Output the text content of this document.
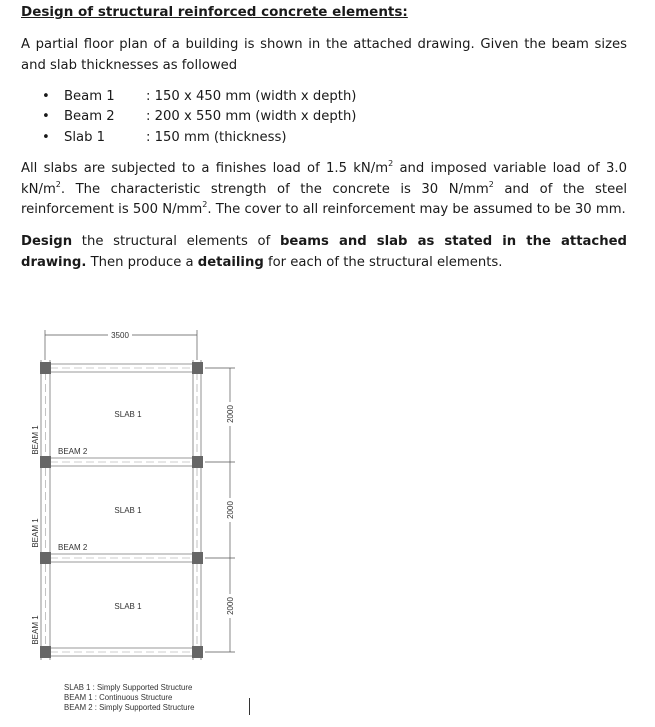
Design of structural reinforced concrete elements:
A partial floor plan of a building is shown in the attached drawing. Given the beam sizes and slab thicknesses as followed
• Beam 1 : 150 x 450 mm (width x depth)
• Beam 2 : 200 x 550 mm (width x depth)
• Slab 1	: 150 mm (thickness)
All slabs are subjected to a finishes load of 1.5 $kN/m^2$ and imposed variable load of 3.0 $kN/m^2$. The characteristic strength of the concrete is 30 $N/mm^2$ and of the steel reinforcement is 500 $N/mm^2$. The cover to all reinforcement may be assumed to be 30 mm.
Design the structural elements of beams and slab as stated in the attached drawing. Then produce a detailing for each of the structural elements.
3500
2000
2000
2000
SLAB 1
SLAB 1
SLAB 1
BEAM 2
BEAM 2
BEAM 1
BEAM 1
BEAM 1
SLAB 1 : Simply Supported Structure
BEAM 1 : Continuous Structure
BEAM 2 : Simply Supported Structure
